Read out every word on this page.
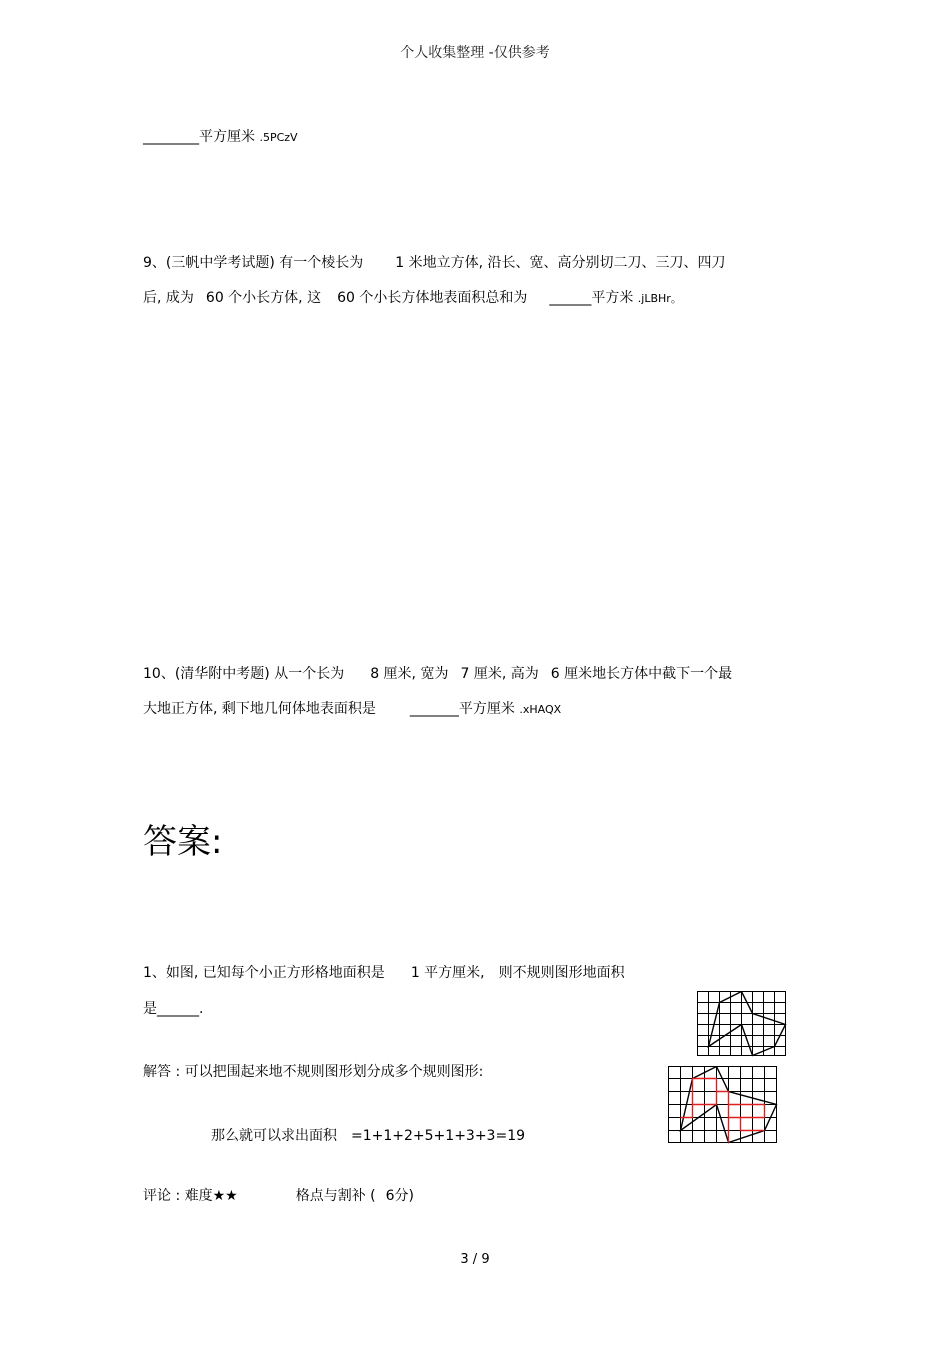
个人收集整理 -仅供参考
________平方厘米 .5PCzV
9、(三帆中学考试题) 有一个棱长为 1 米地立方体, 沿长、宽、高分别切二刀、三刀、四刀
后, 成为 60 个小长方体, 这 60 个小长方体地表面积总和为 ______平方米 .jLBHr。
10、(清华附中考题) 从一个长为 8 厘米, 宽为 7 厘米, 高为 6 厘米地长方体中截下一个最
大地正方体, 剩下地几何体地表面积是 _______平方厘米 .xHAQX
答案:
1、如图, 已知每个小正方形格地面积是 1 平方厘米, 则不规则图形地面积
是______.
解答 : 可以把围起来地不规则图形划分成多个规则图形:
那么就可以求出面积 =1+1+2+5+1+3+3=19
评论 : 难度★★	格点与割补 ( 6分)
3 / 9
